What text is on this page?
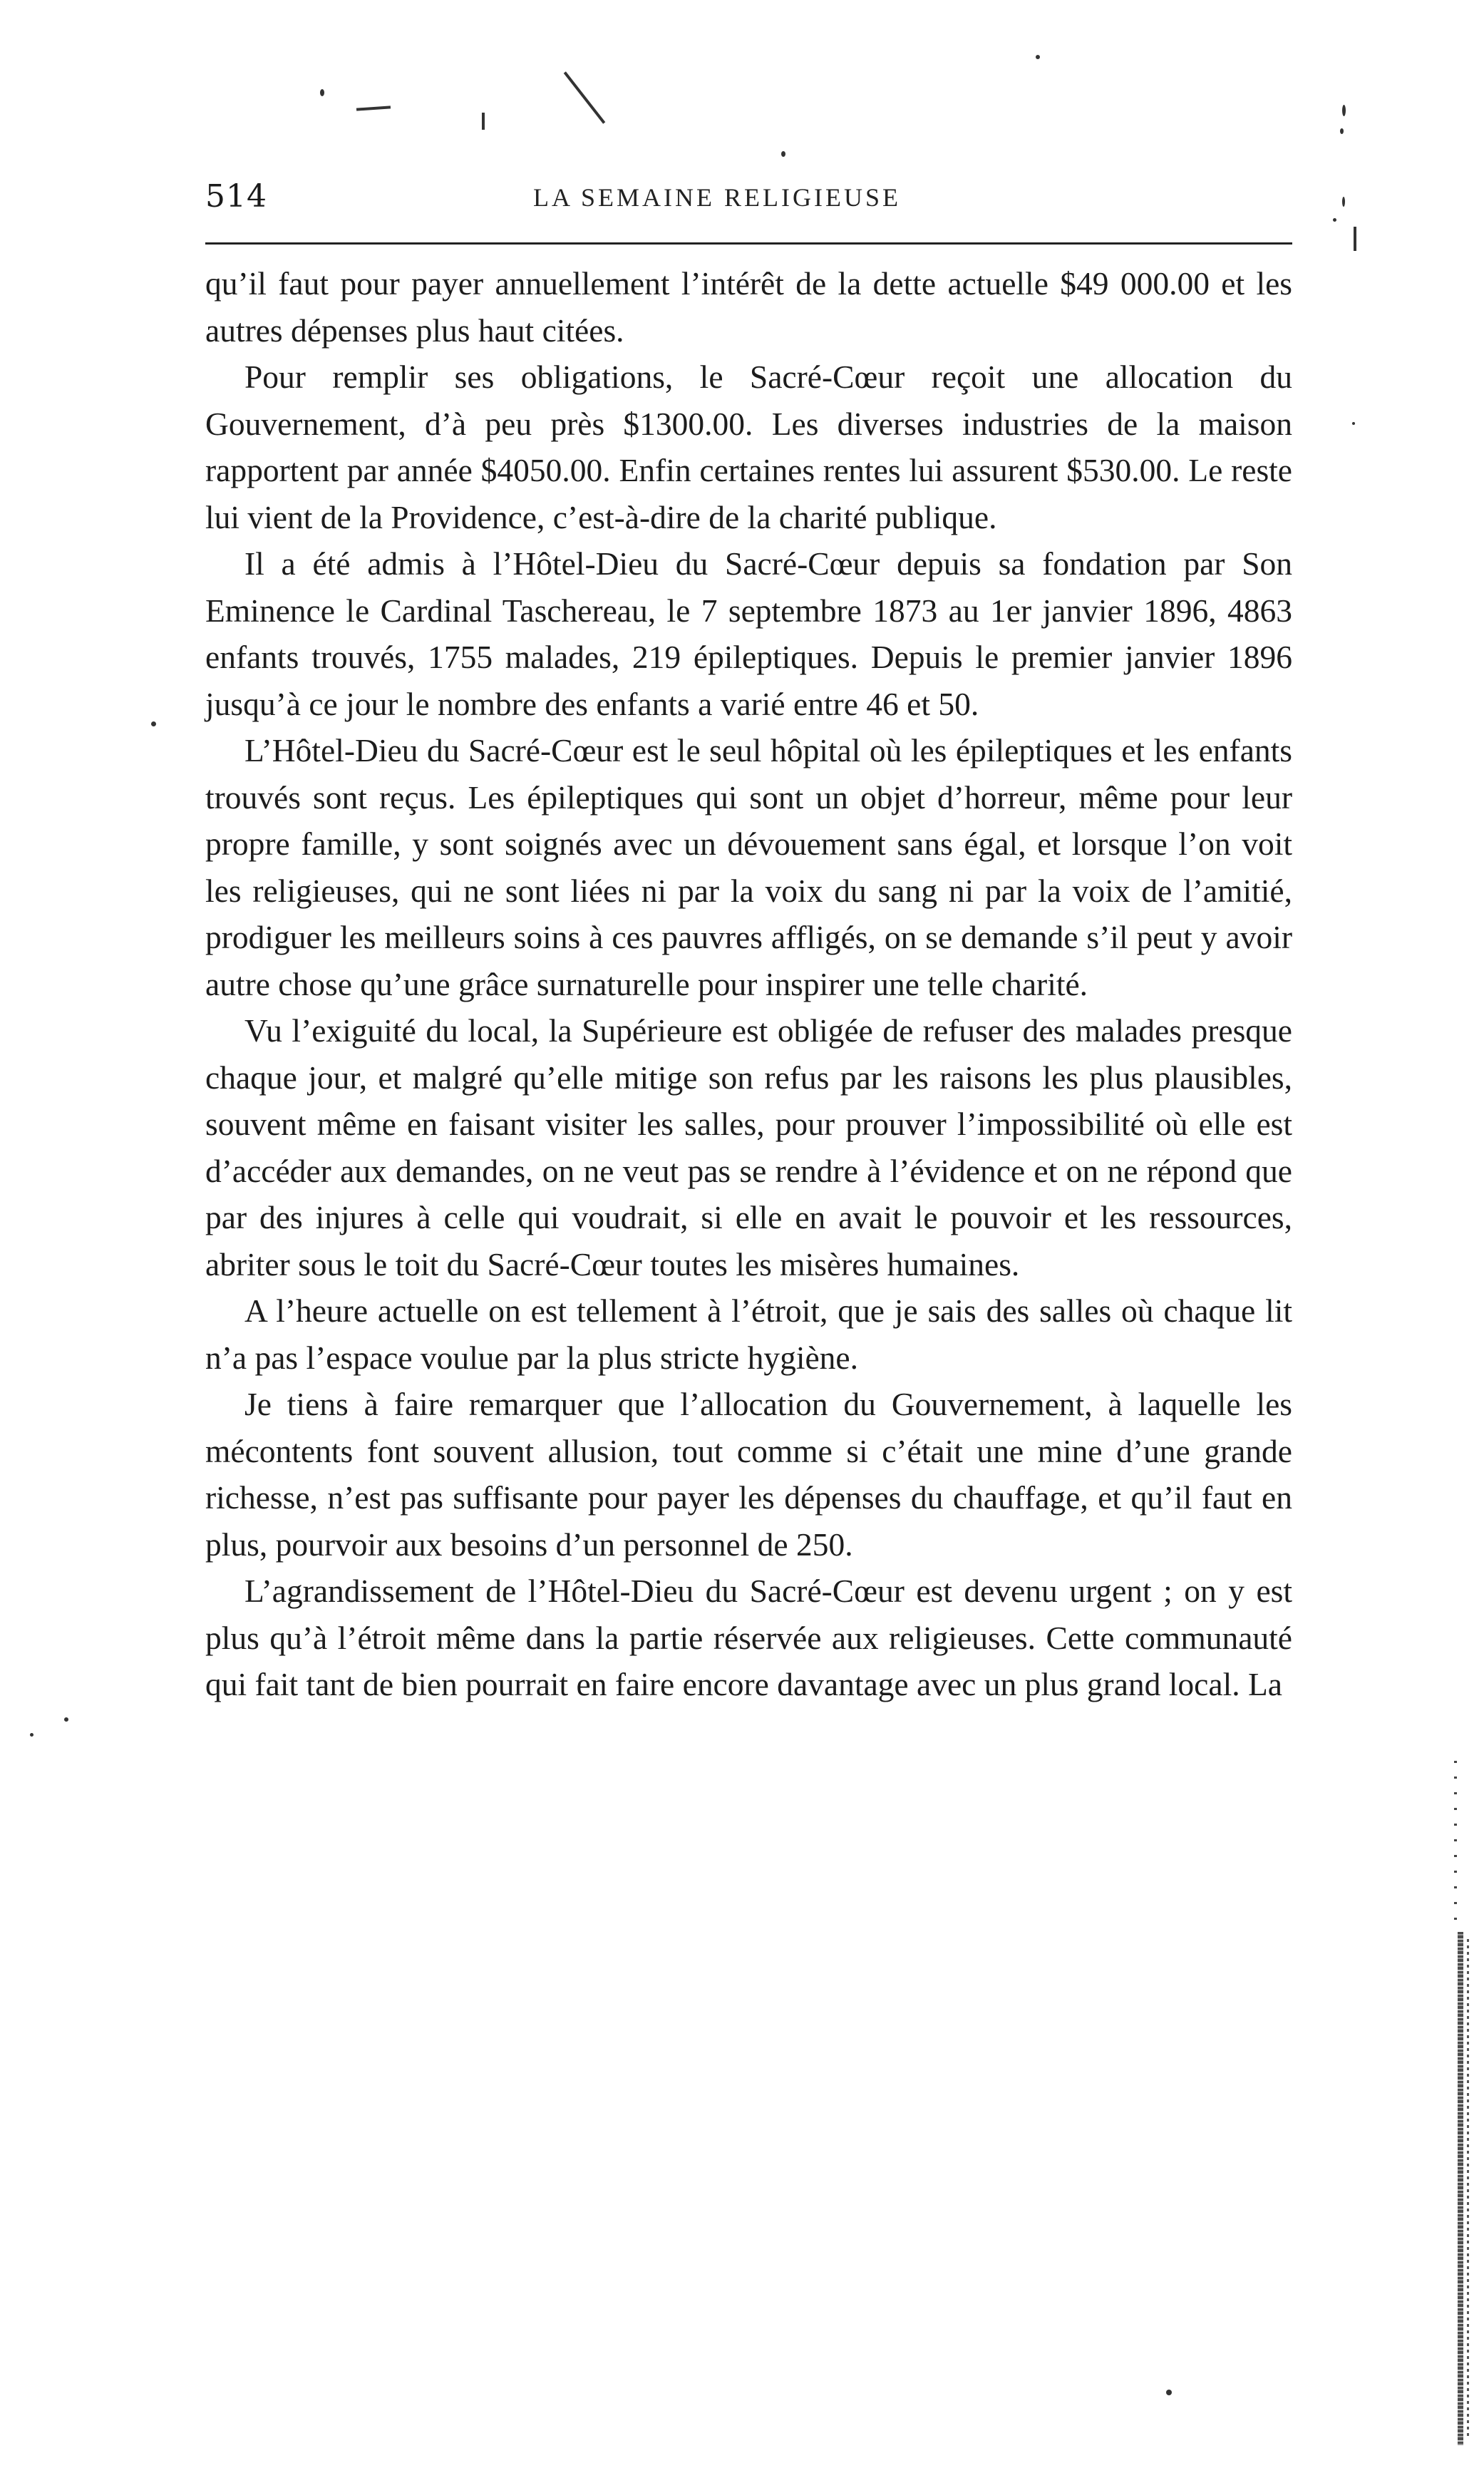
514	LA SEMAINE RELIGIEUSE

qu’il faut pour payer annuellement l’intérêt de la dette actuelle $49 000.00 et les autres dépenses plus haut citées.

Pour remplir ses obligations, le Sacré-Cœur reçoit une allocation du Gouvernement, d’à peu près $1300.00. Les diverses industries de la maison rapportent par année $4050.00. Enfin certaines rentes lui assurent $530.00. Le reste lui vient de la Providence, c’est-à-dire de la charité publique.

Il a été admis à l’Hôtel-Dieu du Sacré-Cœur depuis sa fondation par Son Eminence le Cardinal Taschereau, le 7 septembre 1873 au 1er janvier 1896, 4863 enfants trouvés, 1755 malades, 219 épileptiques. Depuis le premier janvier 1896 jusqu’à ce jour le nombre des enfants a varié entre 46 et 50.

L’Hôtel-Dieu du Sacré-Cœur est le seul hôpital où les épileptiques et les enfants trouvés sont reçus. Les épileptiques qui sont un objet d’horreur, même pour leur propre famille, y sont soignés avec un dévouement sans égal, et lorsque l’on voit les religieuses, qui ne sont liées ni par la voix du sang ni par la voix de l’amitié, prodiguer les meilleurs soins à ces pauvres affligés, on se demande s’il peut y avoir autre chose qu’une grâce surnaturelle pour inspirer une telle charité.

Vu l’exiguité du local, la Supérieure est obligée de refuser des malades presque chaque jour, et malgré qu’elle mitige son refus par les raisons les plus plausibles, souvent même en faisant visiter les salles, pour prouver l’impossibilité où elle est d’accéder aux demandes, on ne veut pas se rendre à l’évidence et on ne répond que par des injures à celle qui voudrait, si elle en avait le pouvoir et les ressources, abriter sous le toit du Sacré-Cœur toutes les misères humaines.

A l’heure actuelle on est tellement à l’étroit, que je sais des salles où chaque lit n’a pas l’espace voulue par la plus stricte hygiène.

Je tiens à faire remarquer que l’allocation du Gouvernement, à laquelle les mécontents font souvent allusion, tout comme si c’était une mine d’une grande richesse, n’est pas suffisante pour payer les dépenses du chauffage, et qu’il faut en plus, pourvoir aux besoins d’un personnel de 250.

L’agrandissement de l’Hôtel-Dieu du Sacré-Cœur est devenu urgent ; on y est plus qu’à l’étroit même dans la partie réservée aux religieuses. Cette communauté qui fait tant de bien pourrait en faire encore davantage avec un plus grand local. La
